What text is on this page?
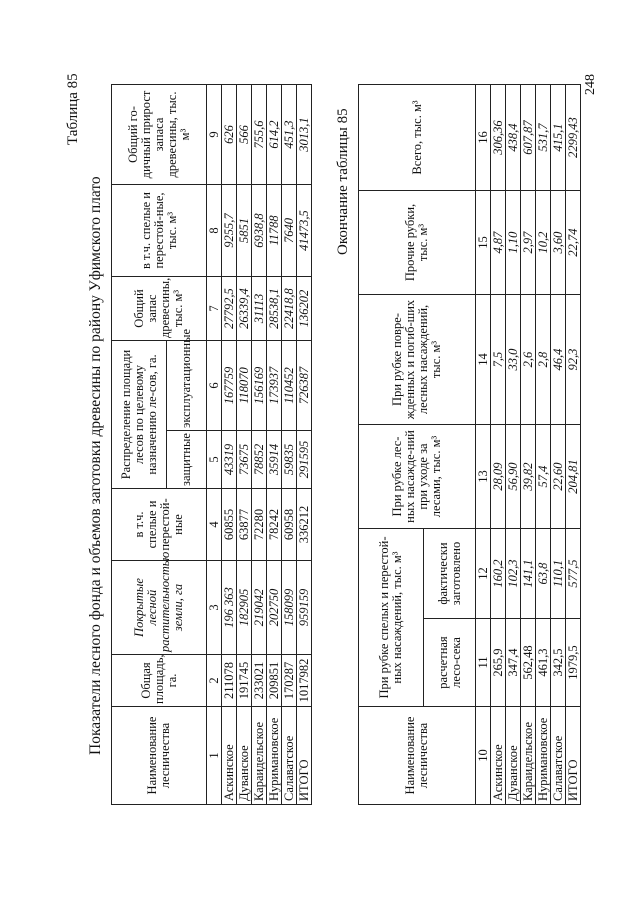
Таблица 85
Показатели лесного фонда и объемов заготовки древесины по району Уфимского плато
Наименование лесничества	Общая площадь, га.	Покрытые лесной растительностью земли, га	в т.ч. спелые и перестой-ные	Распределение площади лесов по целевому назначению ле-сов, га.		Общий запас древесины, тыс. м³	в т.ч. спелые и перестой-ные, тыс. м³	Общий го-дичный прирост запаса древесины, тыс. м³
				защитные	эксплуатационные			
1	2	3	4	5	6	7	8	9
Аскинское	211078	196 363	60855	43319	167759	27792,5	9255,7	626
Дуванское	191745	182905	63877	73675	118070	26339,4	5851	566
Караидельское	233021	219042	72280	78852	156169	31113	6938,8	755,6
Нуримановское	209851	202750	78242	35914	173937	28538,1	11788	614,2
Салаватское	170287	158099	60958	59835	110452	22418,8	7640	451,3
ИТОГО	1017982	959159	336212	291595	726387	136202	41473,5	3013,1 Окончание таблицы 85
Наименование лесничества	При рубке спелых и перестой-ных насаждений, тыс. м³		При рубке лес-ных насажде-ний при уходе за лесами, тыс. м³	При рубке повре-жденных и погиб-ших лесных насаждений, тыс. м³	Прочие рубки, тыс. м³	Всего, тыс. м³
	расчетная лесо-сека	фактически заготовлено				
10	11	12	13	14	15	16
Аскинское	265,9	160,2	28,09	7,5	4,87	306,36
Дуванское	347,4	102,3	56,90	33,0	1,10	438,4
Караидельское	562,48	141,1	39,82	2,6	2,97	607,87
Нуримановское	461,3	63,8	57,4	2,8	10,2	531,7
Салаватское	342,5	110,1	22,60	46,4	3,60	415,1
ИТОГО	1979,5	577,5	204,81	92,3	22,74	2299,43
248
